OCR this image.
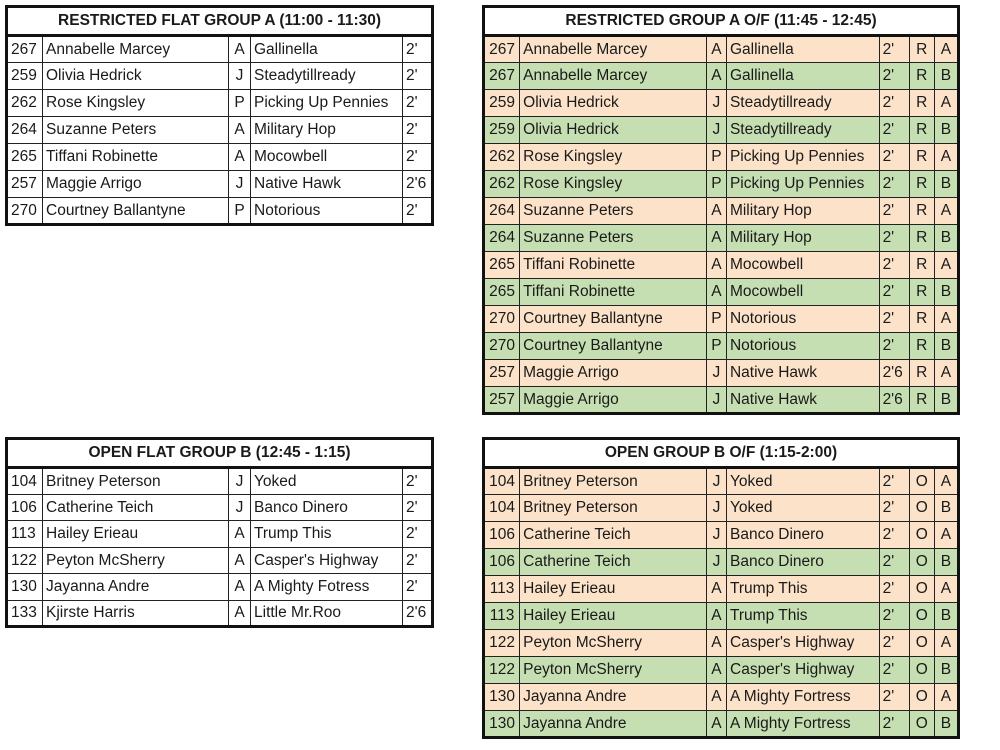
RESTRICTED FLAT GROUP A (11:00 - 11:30)				
267	Annabelle Marcey	A	Gallinella	2'
259	Olivia Hedrick	J	Steadytillready	2'
262	Rose Kingsley	P	Picking Up Pennies	2'
264	Suzanne Peters	A	Military Hop	2'
265	Tiffani Robinette	A	Mocowbell	2'
257	Maggie Arrigo	J	Native Hawk	2'6
270	Courtney Ballantyne	P	Notorious	2'
RESTRICTED GROUP A O/F (11:45 - 12:45)						
267	Annabelle Marcey	A	Gallinella	2'	R	A
267	Annabelle Marcey	A	Gallinella	2'	R	B
259	Olivia Hedrick	J	Steadytillready	2'	R	A
259	Olivia Hedrick	J	Steadytillready	2'	R	B
262	Rose Kingsley	P	Picking Up Pennies	2'	R	A
262	Rose Kingsley	P	Picking Up Pennies	2'	R	B
264	Suzanne Peters	A	Military Hop	2'	R	A
264	Suzanne Peters	A	Military Hop	2'	R	B
265	Tiffani Robinette	A	Mocowbell	2'	R	A
265	Tiffani Robinette	A	Mocowbell	2'	R	B
270	Courtney Ballantyne	P	Notorious	2'	R	A
270	Courtney Ballantyne	P	Notorious	2'	R	B
257	Maggie Arrigo	J	Native Hawk	2'6	R	A
257	Maggie Arrigo	J	Native Hawk	2'6	R	B
OPEN FLAT GROUP B (12:45 - 1:15)				
104	Britney Peterson	J	Yoked	2'
106	Catherine Teich	J	Banco Dinero	2'
113	Hailey Erieau	A	Trump This	2'
122	Peyton McSherry	A	Casper's Highway	2'
130	Jayanna Andre	A	A Mighty Fotress	2'
133	Kjirste Harris	A	Little Mr.Roo	2'6
OPEN GROUP B O/F (1:15-2:00)						
104	Britney Peterson	J	Yoked	2'	O	A
104	Britney Peterson	J	Yoked	2'	O	B
106	Catherine Teich	J	Banco Dinero	2'	O	A
106	Catherine Teich	J	Banco Dinero	2'	O	B
113	Hailey Erieau	A	Trump This	2'	O	A
113	Hailey Erieau	A	Trump This	2'	O	B
122	Peyton McSherry	A	Casper's Highway	2'	O	A
122	Peyton McSherry	A	Casper's Highway	2'	O	B
130	Jayanna Andre	A	A Mighty Fortress	2'	O	A
130	Jayanna Andre	A	A Mighty Fortress	2'	O	B
